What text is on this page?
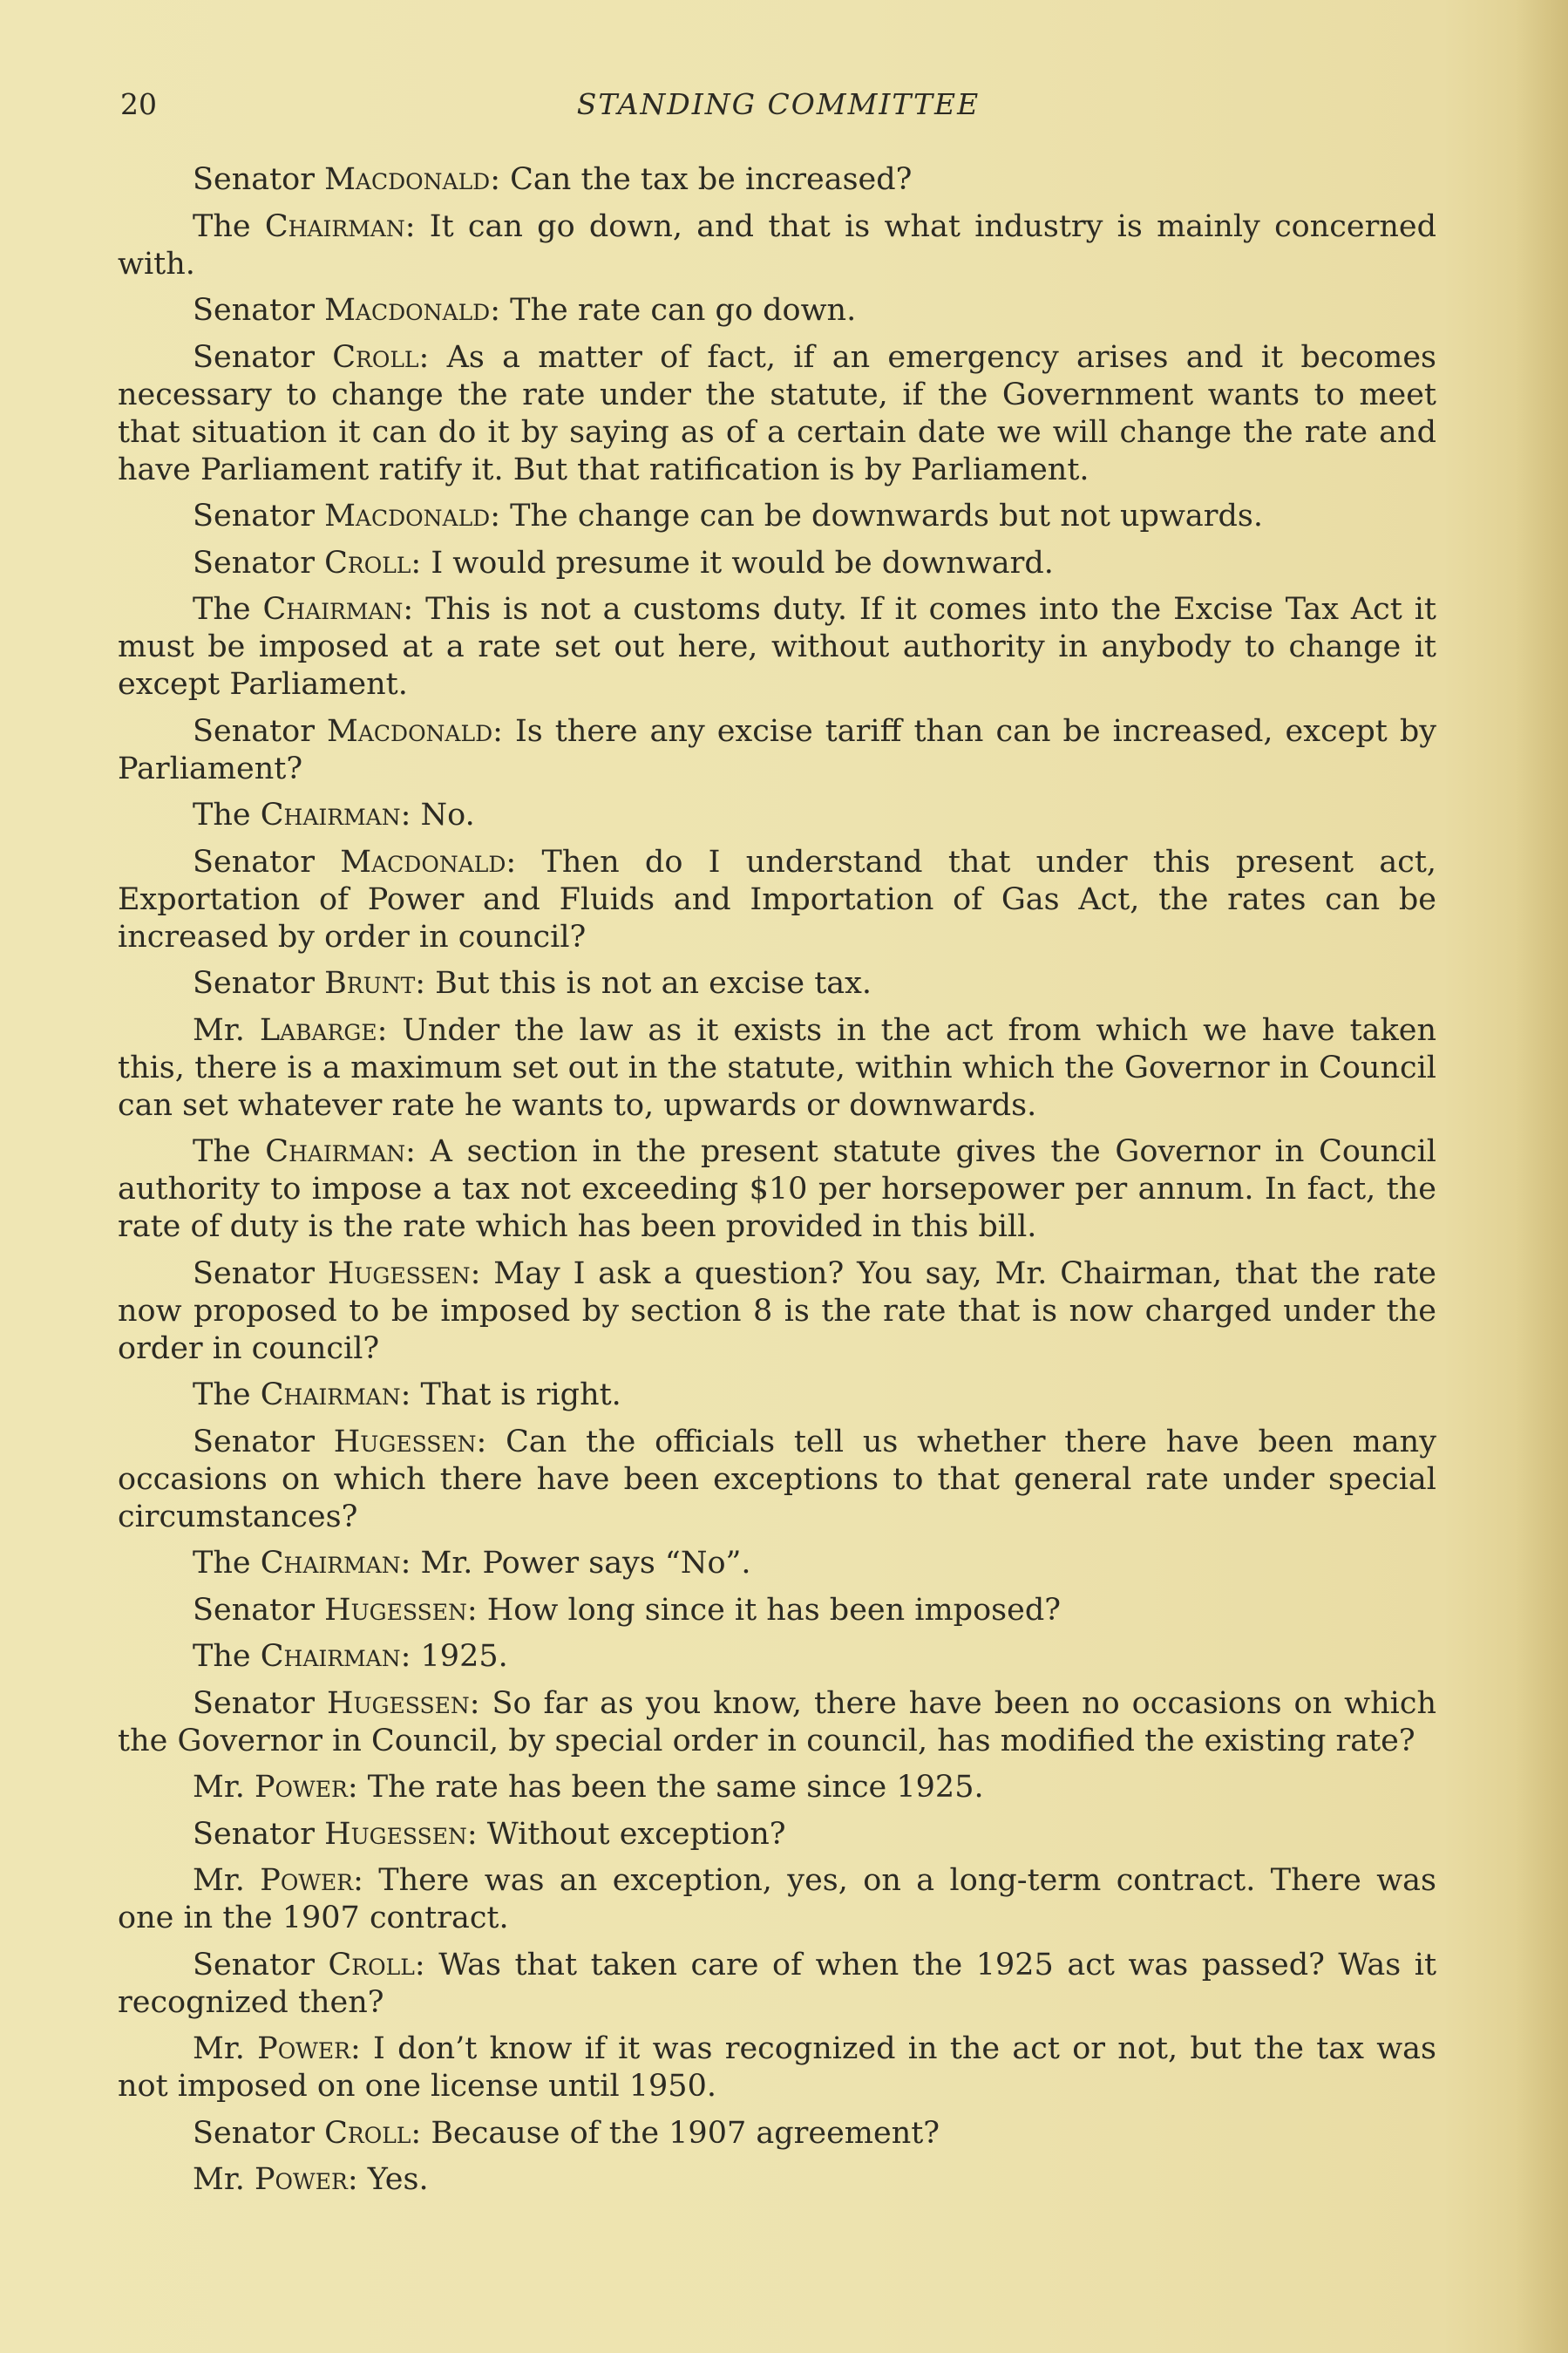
20	STANDING COMMITTEE

Senator Macdonald: Can the tax be increased?

The Chairman: It can go down, and that is what industry is mainly concerned with.

Senator Macdonald: The rate can go down.

Senator Croll: As a matter of fact, if an emergency arises and it becomes necessary to change the rate under the statute, if the Government wants to meet that situation it can do it by saying as of a certain date we will change the rate and have Parliament ratify it. But that ratification is by Parliament.

Senator Macdonald: The change can be downwards but not upwards.

Senator Croll: I would presume it would be downward.

The Chairman: This is not a customs duty. If it comes into the Excise Tax Act it must be imposed at a rate set out here, without authority in anybody to change it except Parliament.

Senator Macdonald: Is there any excise tariff than can be increased, except by Parliament?

The Chairman: No.

Senator Macdonald: Then do I understand that under this present act, Exportation of Power and Fluids and Importation of Gas Act, the rates can be increased by order in council?

Senator Brunt: But this is not an excise tax.

Mr. Labarge: Under the law as it exists in the act from which we have taken this, there is a maximum set out in the statute, within which the Governor in Council can set whatever rate he wants to, upwards or downwards.

The Chairman: A section in the present statute gives the Governor in Council authority to impose a tax not exceeding $10 per horsepower per annum. In fact, the rate of duty is the rate which has been provided in this bill.

Senator Hugessen: May I ask a question? You say, Mr. Chairman, that the rate now proposed to be imposed by section 8 is the rate that is now charged under the order in council?

The Chairman: That is right.

Senator Hugessen: Can the officials tell us whether there have been many occasions on which there have been exceptions to that general rate under special circumstances?

The Chairman: Mr. Power says “No”.

Senator Hugessen: How long since it has been imposed?

The Chairman: 1925.

Senator Hugessen: So far as you know, there have been no occasions on which the Governor in Council, by special order in council, has modified the existing rate?

Mr. Power: The rate has been the same since 1925.

Senator Hugessen: Without exception?

Mr. Power: There was an exception, yes, on a long-term contract. There was one in the 1907 contract.

Senator Croll: Was that taken care of when the 1925 act was passed? Was it recognized then?

Mr. Power: I don’t know if it was recognized in the act or not, but the tax was not imposed on one license until 1950.

Senator Croll: Because of the 1907 agreement?

Mr. Power: Yes.
